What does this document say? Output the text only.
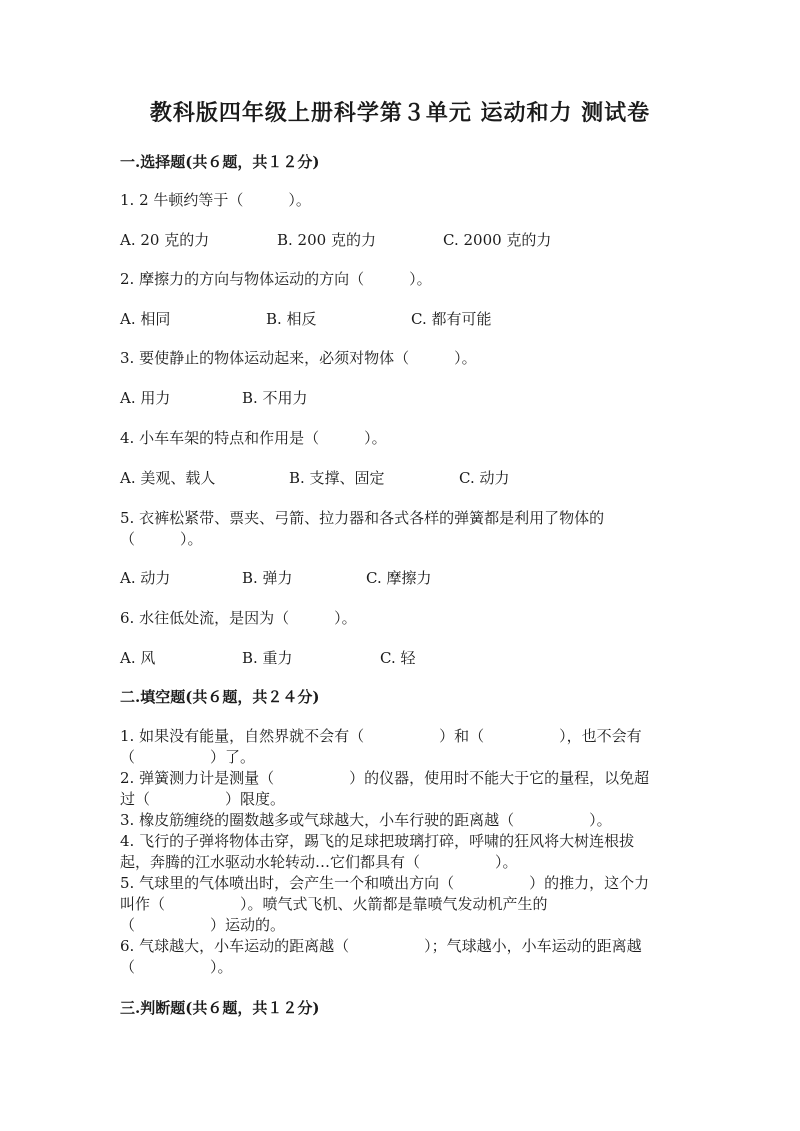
教科版四年级上册科学第３单元 运动和力 测试卷
一.选择题(共６题，共１２分)
1. 2 牛顿约等于（　　　）。
A. 20 克的力	B. 200 克的力	C. 2000 克的力
2. 摩擦力的方向与物体运动的方向（　　　）。
A. 相同	B. 相反	C. 都有可能
3. 要使静止的物体运动起来，必须对物体（　　　）。
A. 用力	B. 不用力
4. 小车车架的特点和作用是（　　　）。
A. 美观、载人	B. 支撑、固定	C. 动力
5. 衣裤松紧带、票夹、弓箭、拉力器和各式各样的弹簧都是利用了物体的
（　　　）。
A. 动力	B. 弹力	C. 摩擦力
6. 水往低处流，是因为（　　　）。
A. 风	B. 重力	C. 轻
二.填空题(共６题，共２４分)
1. 如果没有能量，自然界就不会有（　　　　　）和（　　　　　），也不会有
（　　　　　）了。
2. 弹簧测力计是测量（　　　　　）的仪器，使用时不能大于它的量程，以免超
过（　　　　　）限度。
3. 橡皮筋缠绕的圈数越多或气球越大，小车行驶的距离越（　　　　　）。
4. 飞行的子弹将物体击穿，踢飞的足球把玻璃打碎，呼啸的狂风将大树连根拔
起，奔腾的江水驱动水轮转动…它们都具有（　　　　　）。
5. 气球里的气体喷出时，会产生一个和喷出方向（　　　　　）的推力，这个力
叫作（　　　　　）。喷气式飞机、火箭都是靠喷气发动机产生的
（　　　　　）运动的。
6. 气球越大，小车运动的距离越（　　　　　）；气球越小，小车运动的距离越
（　　　　　）。
三.判断题(共６题，共１２分)
